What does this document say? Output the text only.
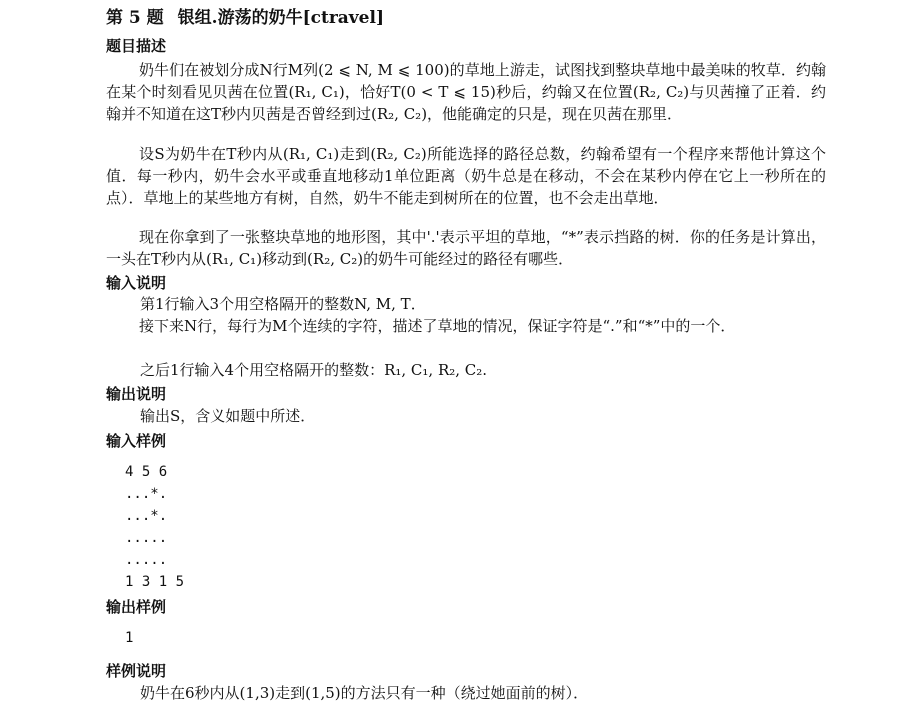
第 5 题 银组.游荡的奶牛[ctravel]
题目描述

奶牛们在被划分成N行M列(2 ⩽ N, M ⩽ 100)的草地上游走，试图找到整块草地中最美味的牧草．约翰在某个时刻看见贝茜在位置(R₁, C₁)，恰好T(0 < T ⩽ 15)秒后，约翰又在位置(R₂, C₂)与贝茜撞了正着．约翰并不知道在这T秒内贝茜是否曾经到过(R₂, C₂)，他能确定的只是，现在贝茜在那里．

设S为奶牛在T秒内从(R₁, C₁)走到(R₂, C₂)所能选择的路径总数，约翰希望有一个程序来帮他计算这个值．每一秒内，奶牛会水平或垂直地移动1单位距离（奶牛总是在移动，不会在某秒内停在它上一秒所在的点）．草地上的某些地方有树，自然，奶牛不能走到树所在的位置，也不会走出草地．

现在你拿到了一张整块草地的地形图，其中'.'表示平坦的草地，“*”表示挡路的树．你的任务是计算出，一头在T秒内从(R₁, C₁)移动到(R₂, C₂)的奶牛可能经过的路径有哪些．

输入说明
第1行输入3个用空格隔开的整数N, M, T．

接下来N行，每行为M个连续的字符，描述了草地的情况，保证字符是“.”和“*”中的一个．

之后1行输入4个用空格隔开的整数：R₁, C₁, R₂, C₂.
输出说明
输出S，含义如题中所述．
输入样例
4 5 6
...*.
...*.
.....
.....
1 3 1 5
输出样例
1
样例说明
奶牛在6秒内从(1,3)走到(1,5)的方法只有一种（绕过她面前的树）．
